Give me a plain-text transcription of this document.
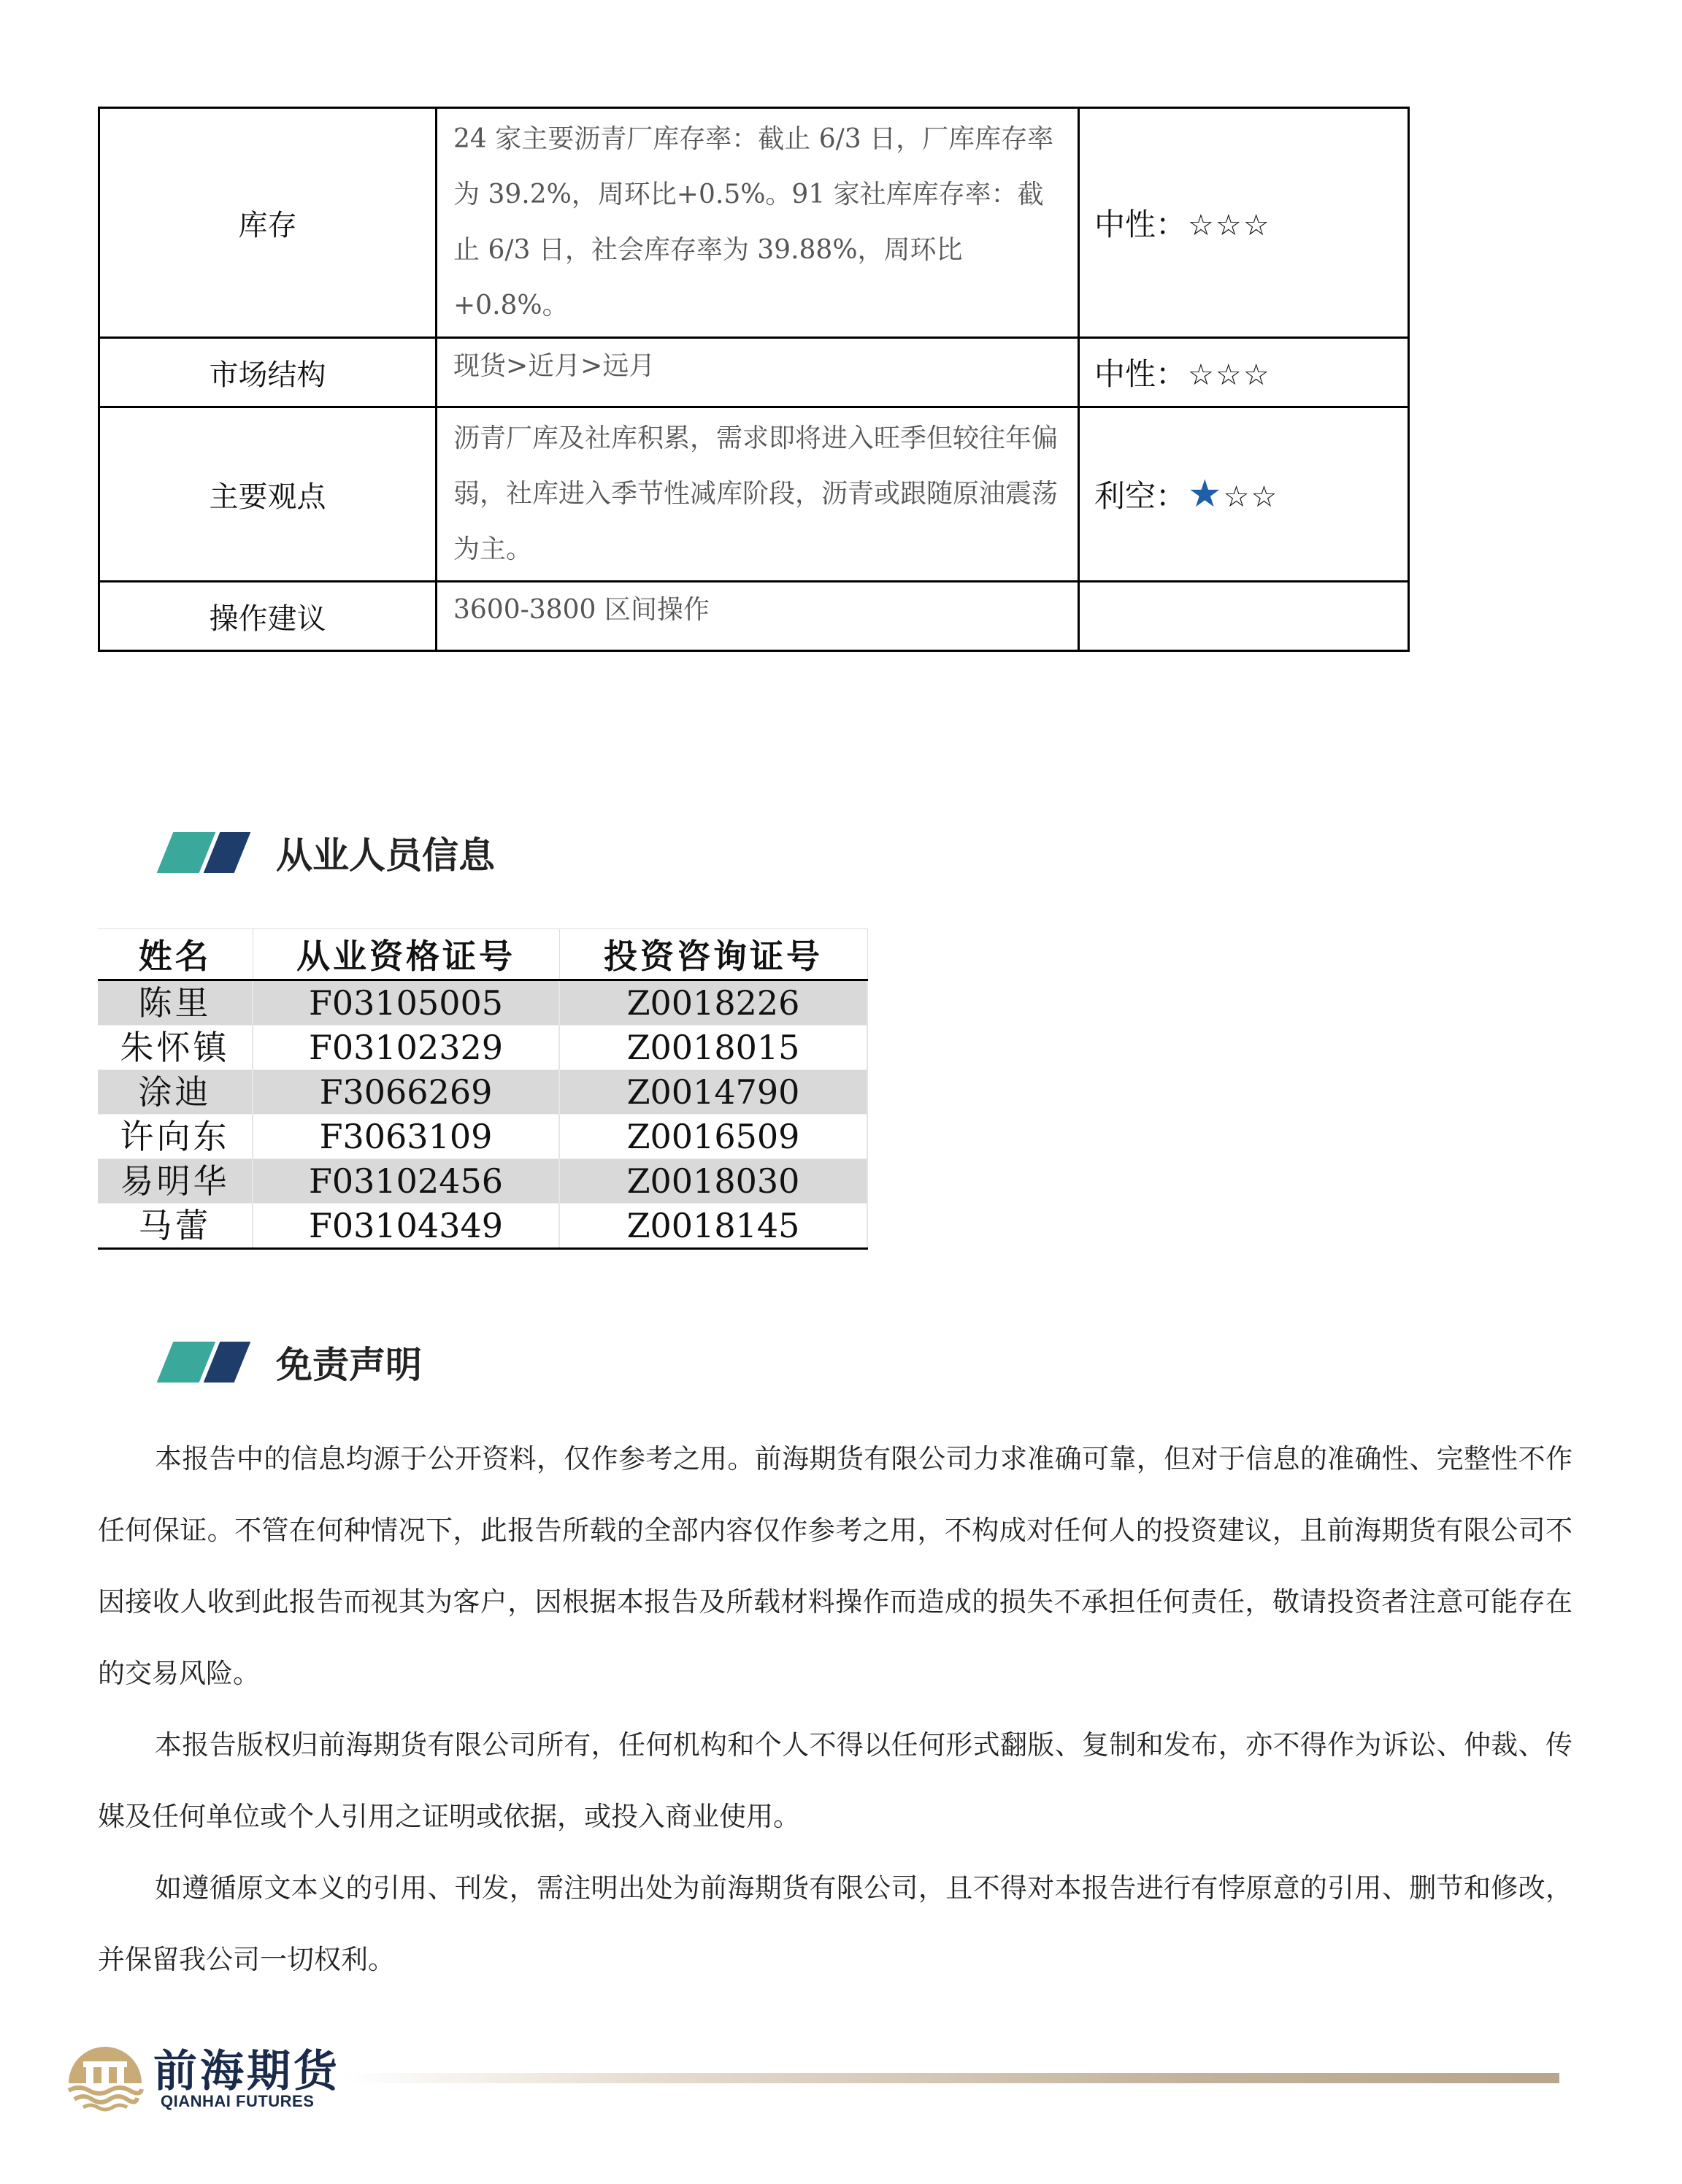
库存	24 家主要沥青厂库存率：截止 6/3 日，厂库库存率为 39.2%，周环比+0.5%。91 家社库库存率：截止 6/3 日，社会库存率为 39.88%，周环比+0.8%。	中性：☆☆☆
市场结构	现货>近月>远月	中性：☆☆☆
主要观点	沥青厂库及社库积累，需求即将进入旺季但较往年偏弱，社库进入季节性减库阶段，沥青或跟随原油震荡为主。	利空：★☆☆
操作建议	3600-3800 区间操作	
从业人员信息
姓名	从业资格证号	投资咨询证号
陈里	F03105005	Z0018226
朱怀镇	F03102329	Z0018015
涂迪	F3066269	Z0014790
许向东	F3063109	Z0016509
易明华	F03102456	Z0018030
马蕾	F03104349	Z0018145
免责声明

本报告中的信息均源于公开资料，仅作参考之用。前海期货有限公司力求准确可靠，但对于信息的准确性、完整性不作任何保证。不管在何种情况下，此报告所载的全部内容仅作参考之用，不构成对任何人的投资建议，且前海期货有限公司不因接收人收到此报告而视其为客户，因根据本报告及所载材料操作而造成的损失不承担任何责任，敬请投资者注意可能存在的交易风险。

本报告版权归前海期货有限公司所有，任何机构和个人不得以任何形式翻版、复制和发布，亦不得作为诉讼、仲裁、传媒及任何单位或个人引用之证明或依据，或投入商业使用。

如遵循原文本义的引用、刊发，需注明出处为前海期货有限公司，且不得对本报告进行有悖原意的引用、删节和修改，并保留我公司一切权利。

前海期货
QIANHAI FUTURES
